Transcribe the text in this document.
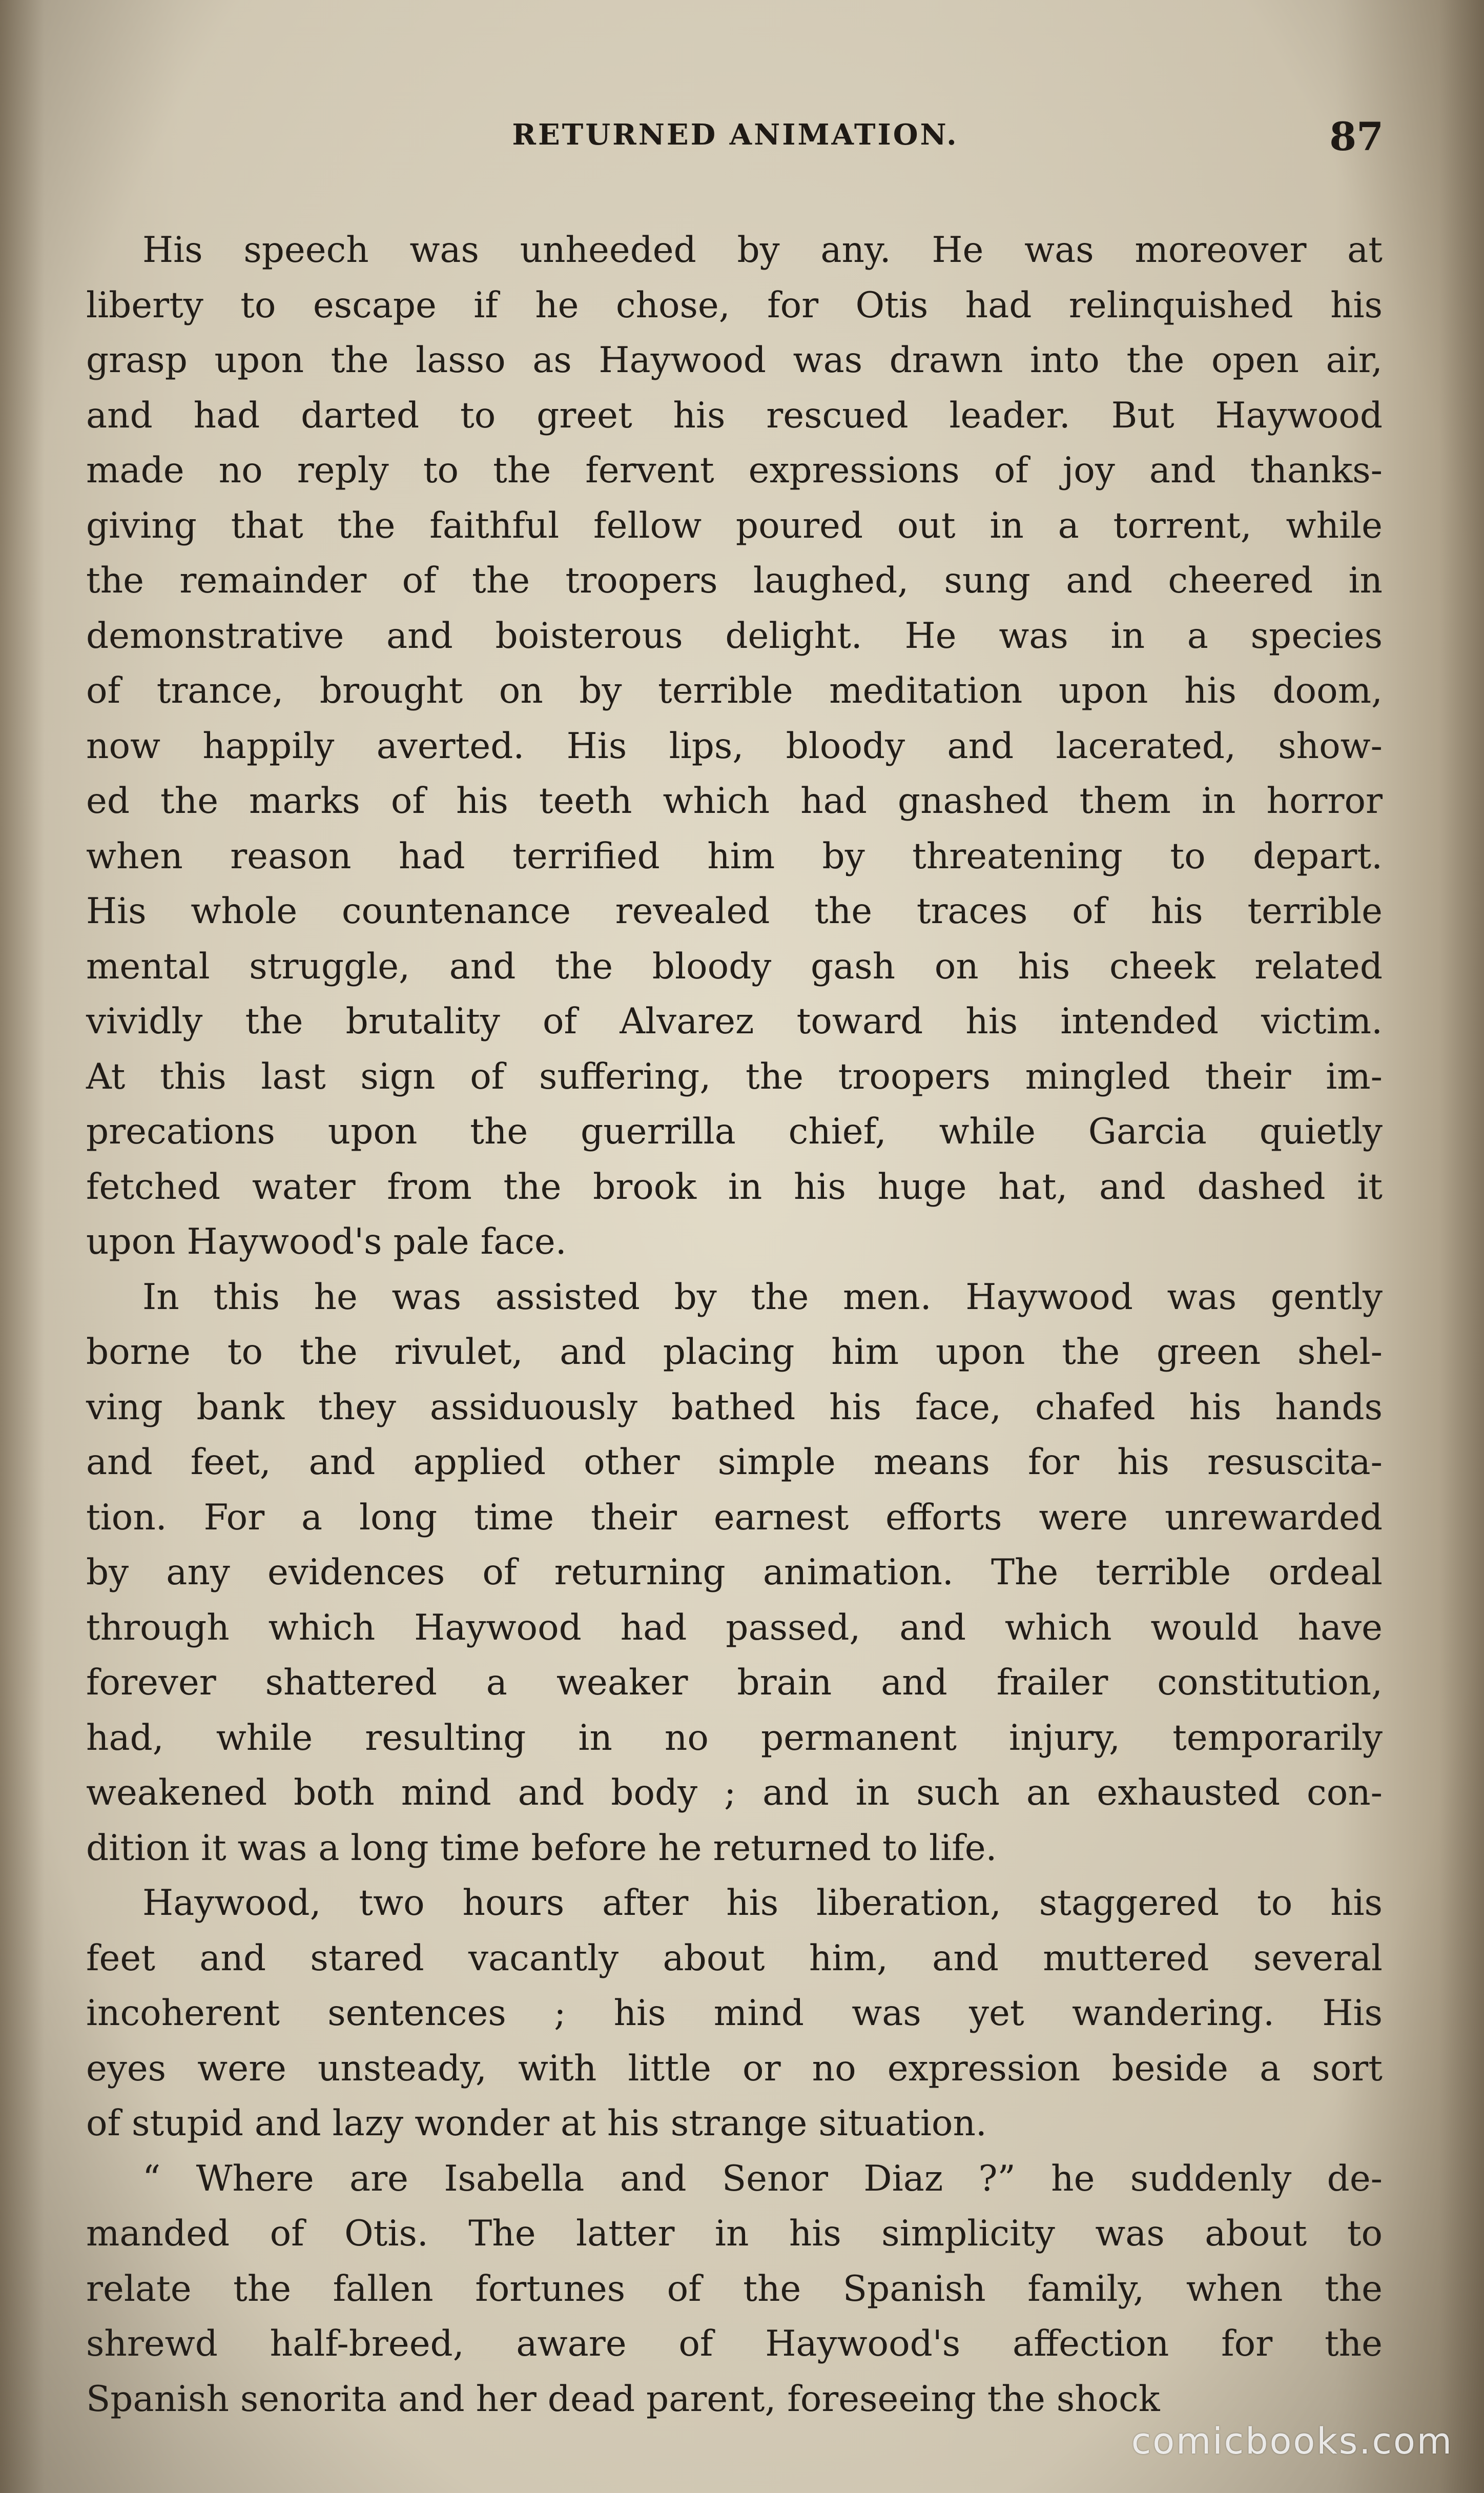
RETURNED ANIMATION.	87
His speech was unheeded by any. He was moreover at
liberty to escape if he chose, for Otis had relinquished his
grasp upon the lasso as Haywood was drawn into the open air,
and had darted to greet his rescued leader. But Haywood
made no reply to the fervent expressions of joy and thanks-
giving that the faithful fellow poured out in a torrent, while
the remainder of the troopers laughed, sung and cheered in
demonstrative and boisterous delight. He was in a species
of trance, brought on by terrible meditation upon his doom,
now happily averted. His lips, bloody and lacerated, show-
ed the marks of his teeth which had gnashed them in horror
when reason had terrified him by threatening to depart.
His whole countenance revealed the traces of his terrible
mental struggle, and the bloody gash on his cheek related
vividly the brutality of Alvarez toward his intended victim.
At this last sign of suffering, the troopers mingled their im-
precations upon the guerrilla chief, while Garcia quietly
fetched water from the brook in his huge hat, and dashed it
upon Haywood's pale face.
In this he was assisted by the men. Haywood was gently
borne to the rivulet, and placing him upon the green shel-
ving bank they assiduously bathed his face, chafed his hands
and feet, and applied other simple means for his resuscita-
tion. For a long time their earnest efforts were unrewarded
by any evidences of returning animation. The terrible ordeal
through which Haywood had passed, and which would have
forever shattered a weaker brain and frailer constitution,
had, while resulting in no permanent injury, temporarily
weakened both mind and body ; and in such an exhausted con-
dition it was a long time before he returned to life.
Haywood, two hours after his liberation, staggered to his
feet and stared vacantly about him, and muttered several
incoherent sentences ; his mind was yet wandering. His
eyes were unsteady, with little or no expression beside a sort
of stupid and lazy wonder at his strange situation.
“ Where are Isabella and Senor Diaz ?” he suddenly de-
manded of Otis. The latter in his simplicity was about to
relate the fallen fortunes of the Spanish family, when the
shrewd half-breed, aware of Haywood's affection for the
Spanish senorita and her dead parent, foreseeing the shock
comicbooks.com
